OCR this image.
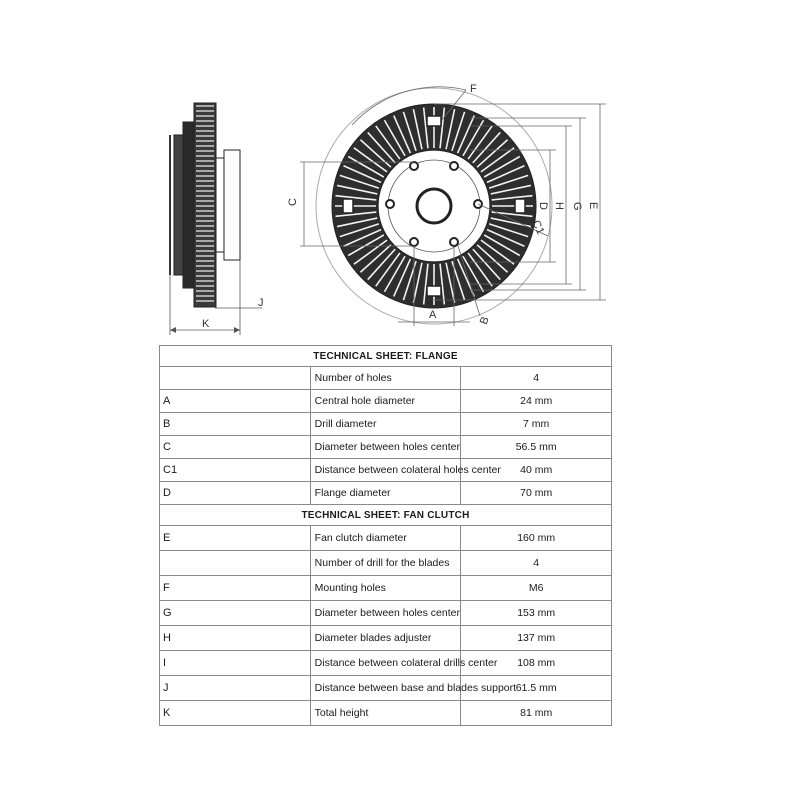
J
K
F
C	D H G E
C1
A	B
TECHNICAL SHEET: FLANGE		
	Number of holes	4
A	Central hole diameter	24 mm
B	Drill diameter	7 mm
C	Diameter between holes center	56.5 mm
C1	Distance between colateral holes center	40 mm
D	Flange diameter	70 mm
TECHNICAL SHEET: FAN CLUTCH		
E	Fan clutch diameter	160 mm
	Number of drill for the blades	4
F	Mounting holes	M6
G	Diameter between holes center	153 mm
H	Diameter blades adjuster	137 mm
I	Distance between colateral drills center	108 mm
J	Distance between base and blades support	61.5 mm
K	Total height	81 mm
